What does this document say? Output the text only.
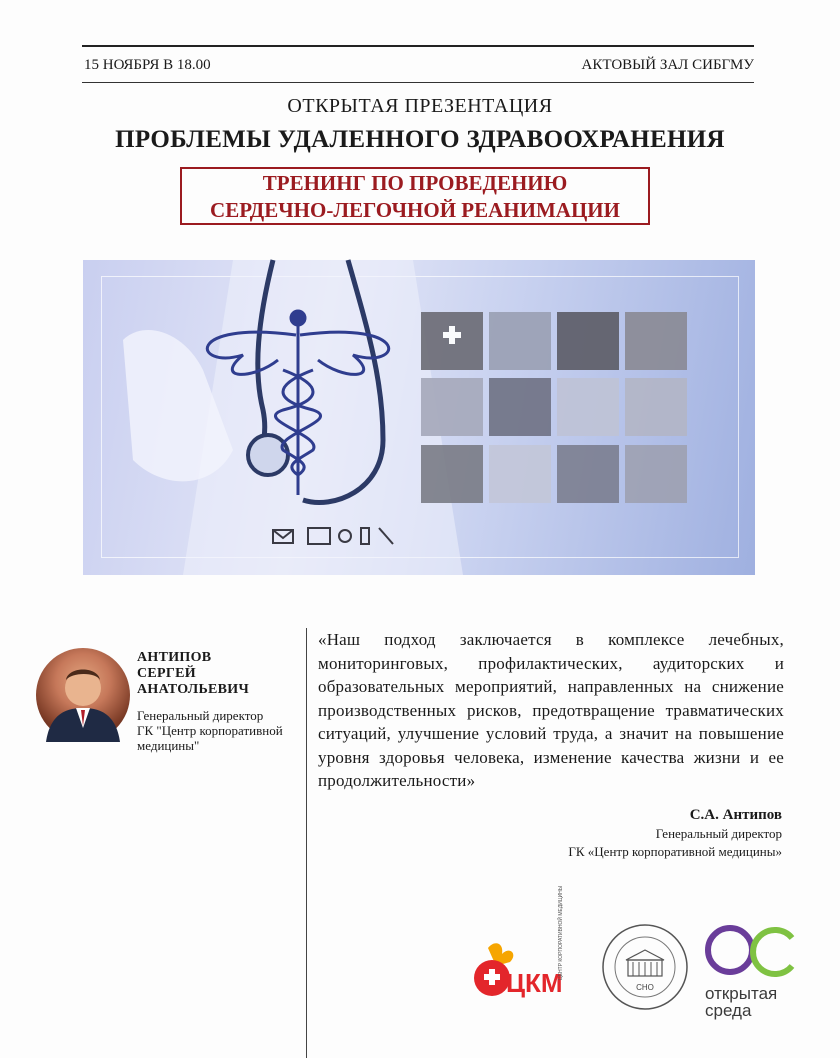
15 НОЯБРЯ В 18.00	АКТОВЫЙ ЗАЛ СИБГМУ
ОТКРЫТАЯ ПРЕЗЕНТАЦИЯ
ПРОБЛЕМЫ УДАЛЕННОГО ЗДРАВООХРАНЕНИЯ
ТРЕНИНГ ПО ПРОВЕДЕНИЮ
СЕРДЕЧНО-ЛЕГОЧНОЙ РЕАНИМАЦИИ
АНТИПОВ
СЕРГЕЙ
АНАТОЛЬЕВИЧ
Генеральный директор
ГК "Центр корпоративной
медицины"
«Наш подход заключается в комплексе лечебных, мониторинговых, профилактических, аудиторских и образовательных мероприятий, направленных на снижение производственных рисков, предотвращение травматических ситуаций, улучшение условий труда, а значит на повышение уровня здоровья человека, изменение качества жизни и ее продолжительности»
С.А. Антипов
Генеральный директор
ГК «Центр корпоративной медицины»
ЦКМ
ЦЕНТР КОРПОРАТИВНОЙ МЕДИЦИНЫ
СНО	открытая
среда
